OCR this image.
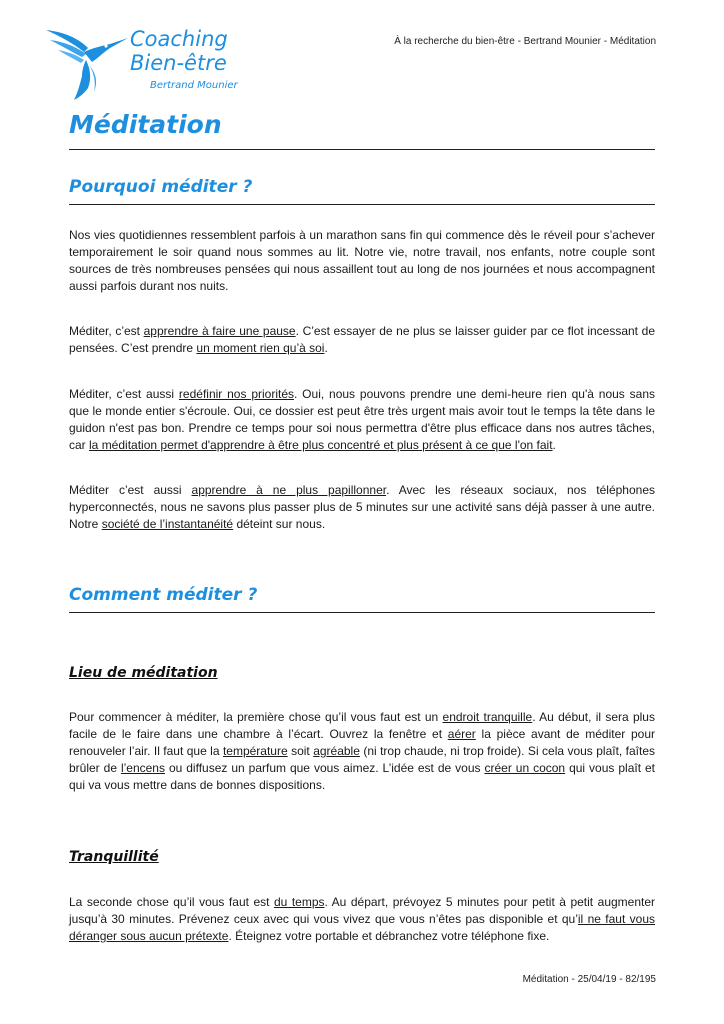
Coaching
Bien-être
Bertrand Mounier
À la recherche du bien-être - Bertrand Mounier - Méditation
Méditation
Pourquoi méditer ?

Nos vies quotidiennes ressemblent parfois à un marathon sans fin qui commence dès le réveil pour s’achever temporairement le soir quand nous sommes au lit. Notre vie, notre travail, nos enfants, notre couple sont sources de très nombreuses pensées qui nous assaillent tout au long de nos journées et nous accompagnent aussi parfois durant nos nuits.

Méditer, c’est apprendre à faire une pause. C’est essayer de ne plus se laisser guider par ce flot incessant de pensées. C’est prendre un moment rien qu’à soi.

Méditer, c’est aussi redéfinir nos priorités. Oui, nous pouvons prendre une demi-heure rien qu'à nous sans que le monde entier s'écroule. Oui, ce dossier est peut être très urgent mais avoir tout le temps la tête dans le guidon n'est pas bon. Prendre ce temps pour soi nous permettra d'être plus efficace dans nos autres tâches, car la méditation permet d'apprendre à être plus concentré et plus présent à ce que l'on fait.

Méditer c’est aussi apprendre à ne plus papillonner. Avec les réseaux sociaux, nos téléphones hyperconnectés, nous ne savons plus passer plus de 5 minutes sur une activité sans déjà passer à une autre. Notre société de l’instantanéité déteint sur nous.

Comment méditer ?
Lieu de méditation

Pour commencer à méditer, la première chose qu’il vous faut est un endroit tranquille. Au début, il sera plus facile de le faire dans une chambre à l’écart. Ouvrez la fenêtre et aérer la pièce avant de méditer pour renouveler l’air. Il faut que la température soit agréable (ni trop chaude, ni trop froide). Si cela vous plaît, faîtes brûler de l’encens ou diffusez un parfum que vous aimez. L’idée est de vous créer un cocon qui vous plaît et qui va vous mettre dans de bonnes dispositions.

Tranquillité

La seconde chose qu’il vous faut est du temps. Au départ, prévoyez 5 minutes pour petit à petit augmenter jusqu’à 30 minutes. Prévenez ceux avec qui vous vivez que vous n’êtes pas disponible et qu’il ne faut vous déranger sous aucun prétexte. Éteignez votre portable et débranchez votre téléphone fixe.

Méditation - 25/04/19 - 82/195
